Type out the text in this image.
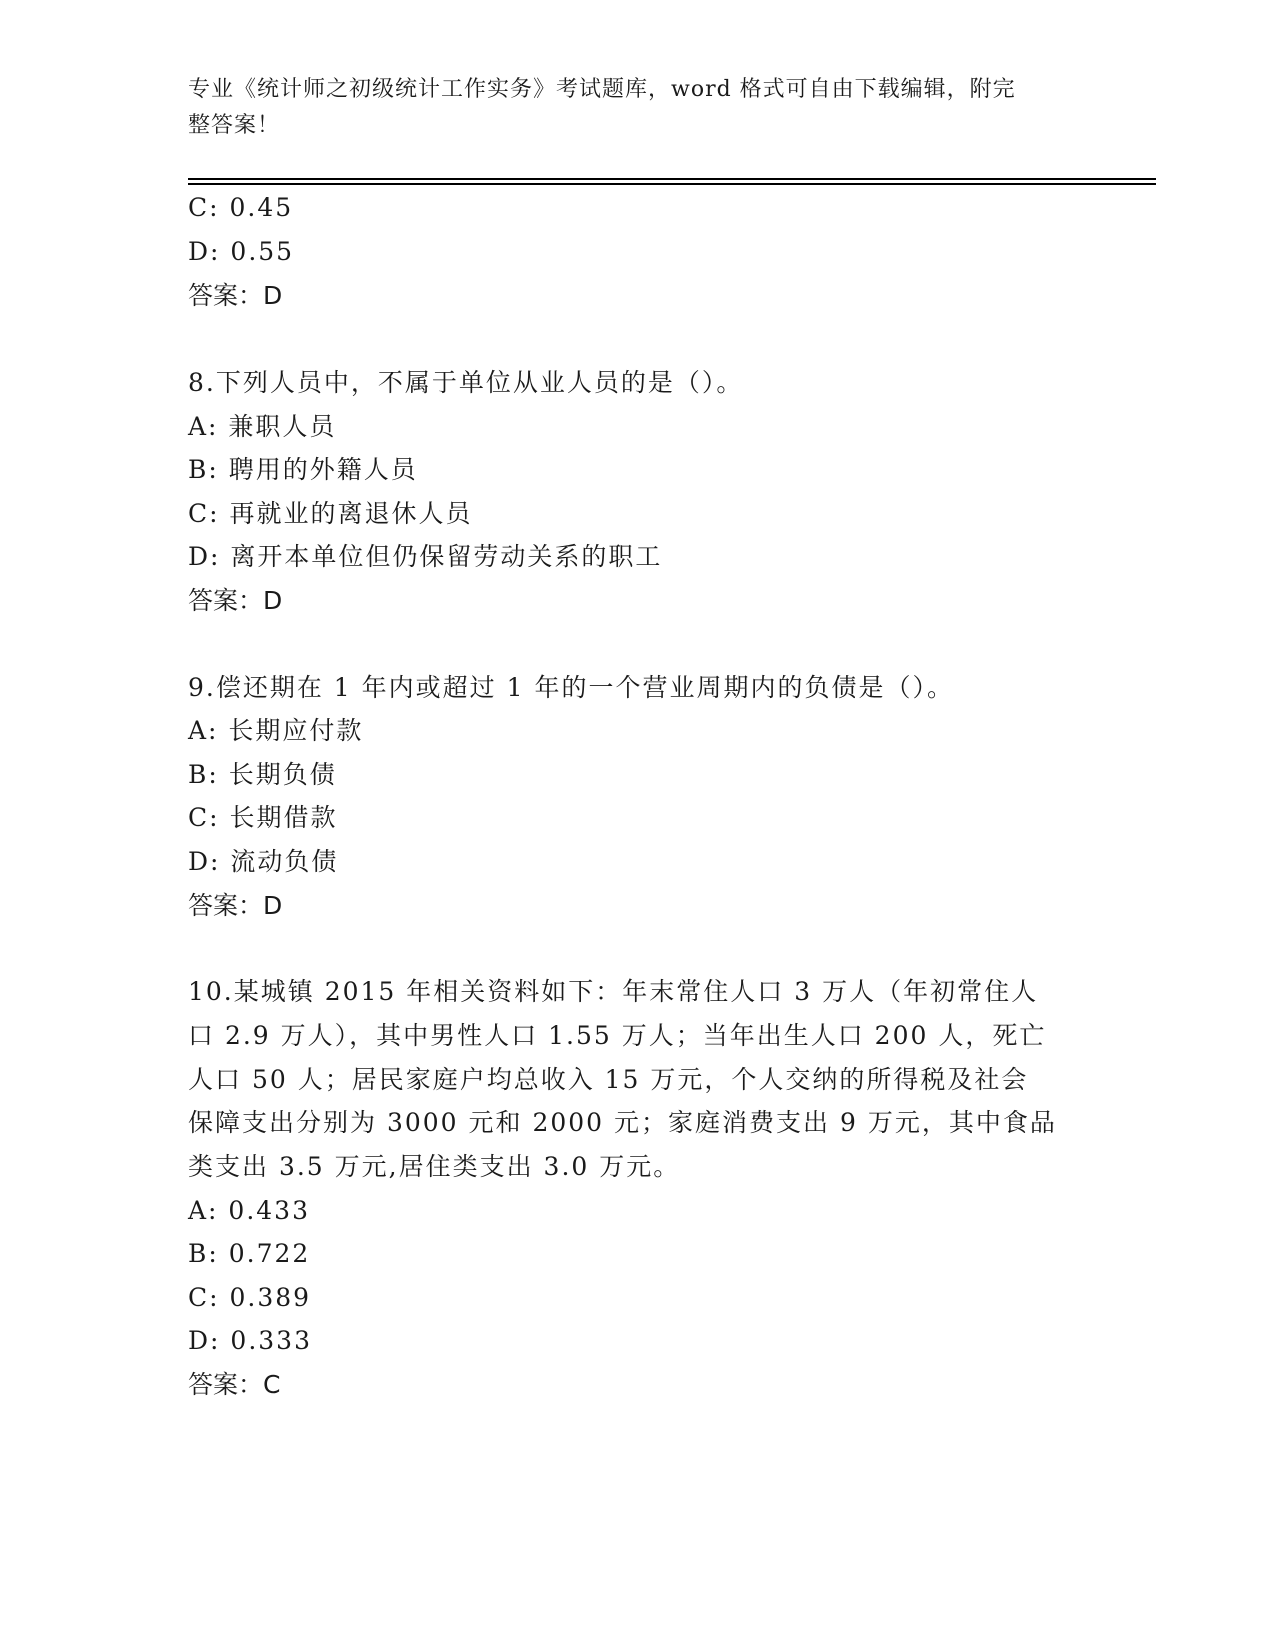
专业《统计师之初级统计工作实务》考试题库，word 格式可自由下载编辑，附完
整答案！
C: 0.45
D: 0.55
答案：D
8.下列人员中，不属于单位从业人员的是（）。
A: 兼职人员
B: 聘用的外籍人员
C: 再就业的离退休人员
D: 离开本单位但仍保留劳动关系的职工
答案：D
9.偿还期在 1 年内或超过 1 年的一个营业周期内的负债是（）。
A: 长期应付款
B: 长期负债
C: 长期借款
D: 流动负债
答案：D
10.某城镇 2015 年相关资料如下：年末常住人口 3 万人（年初常住人
口 2.9 万人），其中男性人口 1.55 万人；当年出生人口 200 人，死亡
人口 50 人；居民家庭户均总收入 15 万元，个人交纳的所得税及社会
保障支出分别为 3000 元和 2000 元；家庭消费支出 9 万元，其中食品
类支出 3.5 万元,居住类支出 3.0 万元。
A: 0.433
B: 0.722
C: 0.389
D: 0.333
答案：C
